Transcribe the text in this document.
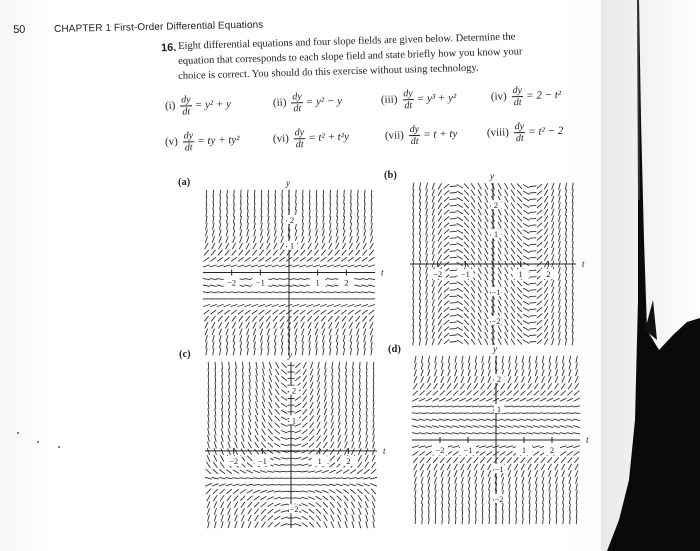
50	CHAPTER 1 First-Order Differential Equations
16. Eight differential equations and four slope fields are given below. Determine the
equation that corresponds to each slope field and state briefly how you know your
choice is correct. You should do this exercise without using technology.
$(i) \frac{dy}{dt} = y^2 + y$	$(ii) \frac{dy}{dt} = y^2 - y$	$(iii) \frac{dy}{dt} = y^3 + y^2$	$(iv) \frac{dy}{dt} = 2 - t^2$
$(v) \frac{dy}{dt}$ = ty + ty²	$(vi) \frac{dy}{dt} = t^2 + t^2y$	$(vii) \frac{dy}{dt} = t$ + ty	(viii) $\frac{dy}{dt} = t^2 - 2$
(a)
(b)
(c)	(d)
t
y
−2 −1	1	2
2
1
t
y
−2 −1	1	2
2
1
−1
−2
t
y
−2 −1	1	2
2
1
−2
t
y
−2 −1	1	2
2
1
−1
−2
